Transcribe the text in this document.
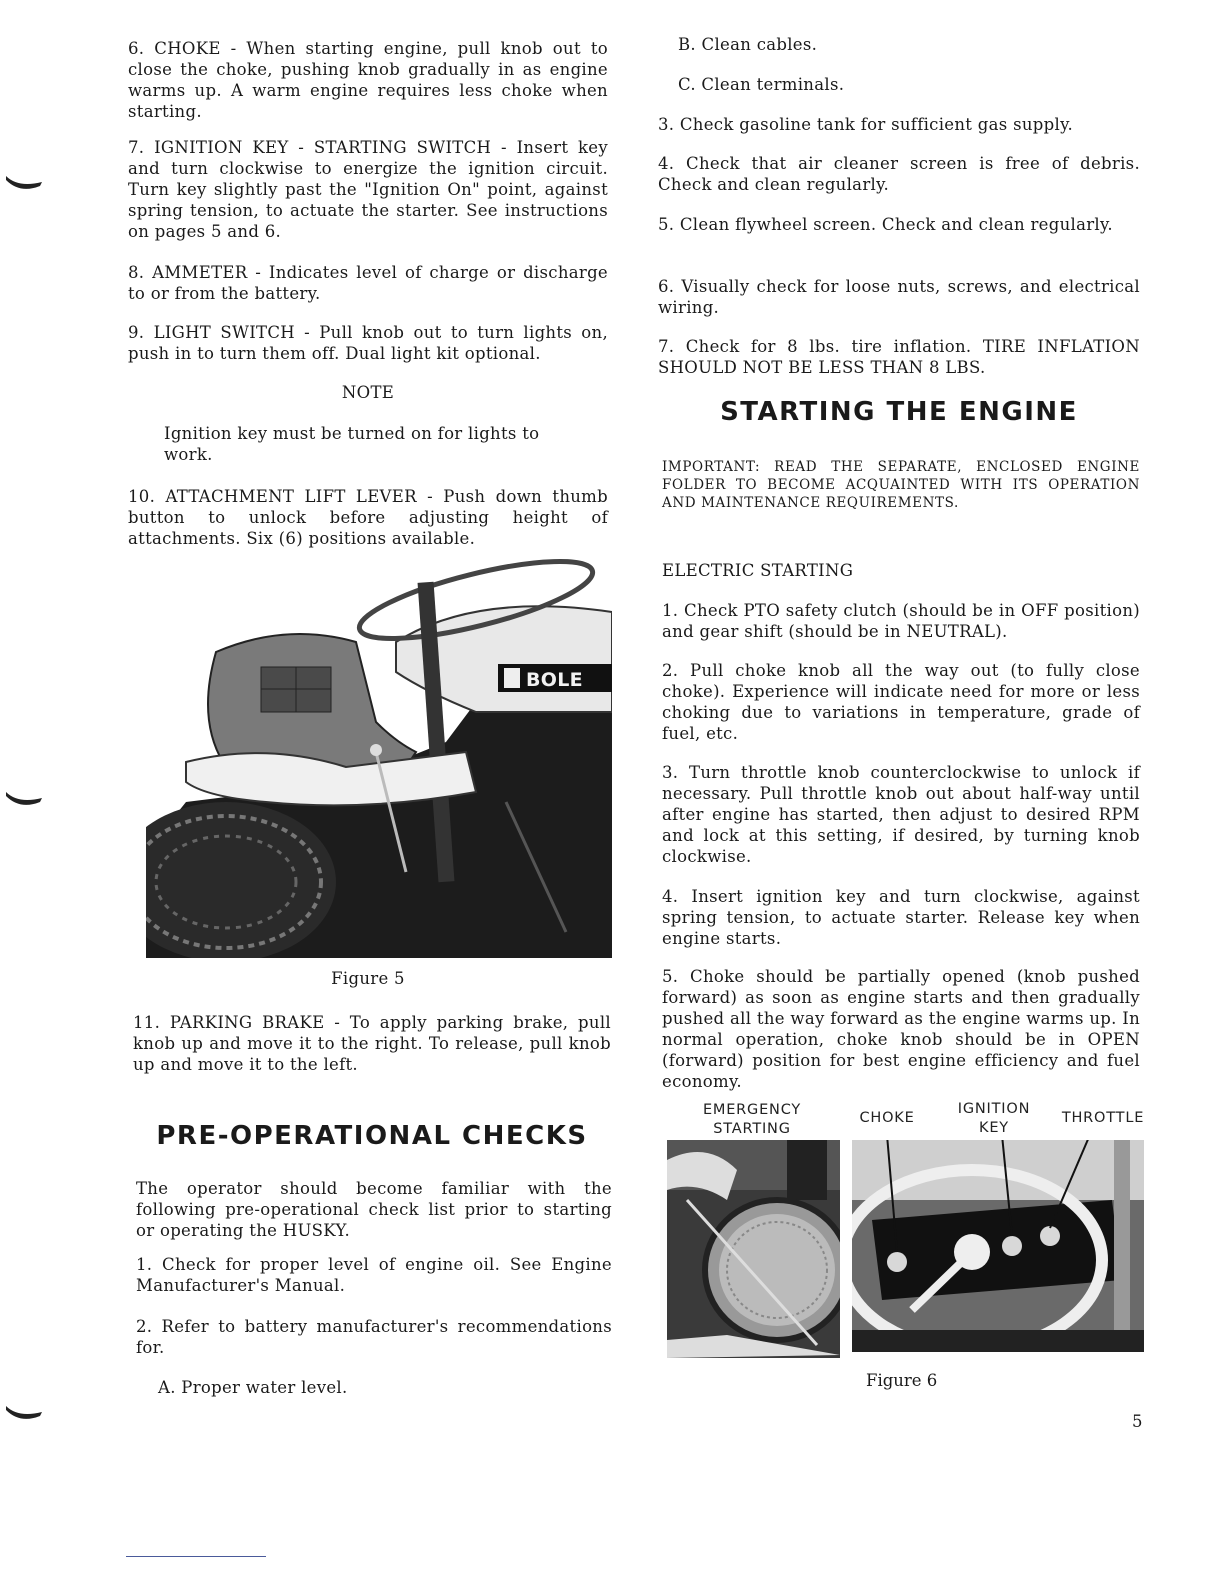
6. CHOKE - When starting engine, pull knob out to close the choke, pushing knob gradually in as engine warms up. A warm engine requires less choke when starting.

7. IGNITION KEY - STARTING SWITCH - Insert key and turn clockwise to energize the ignition circuit. Turn key slightly past the "Ignition On" point, against spring tension, to actuate the starter. See instructions on pages 5 and 6.

8. AMMETER - Indicates level of charge or discharge to or from the battery.

9. LIGHT SWITCH - Pull knob out to turn lights on, push in to turn them off. Dual light kit optional.

NOTE

Ignition key must be turned on for lights to work.

10. ATTACHMENT LIFT LEVER - Push down thumb button to unlock before adjusting height of attachments. Six (6) positions available.

BOLE

Figure 5

11. PARKING BRAKE - To apply parking brake, pull knob up and move it to the right. To release, pull knob up and move it to the left.

PRE-OPERATIONAL CHECKS

The operator should become familiar with the following pre-operational check list prior to starting or operating the HUSKY.

1. Check for proper level of engine oil. See Engine Manufacturer's Manual.

2. Refer to battery manufacturer's recommendations for.

A. Proper water level.

B. Clean cables.

C. Clean terminals.

3. Check gasoline tank for sufficient gas supply.

4. Check that air cleaner screen is free of debris. Check and clean regularly.

5. Clean flywheel screen. Check and clean regularly.

6. Visually check for loose nuts, screws, and electrical wiring.

7. Check for 8 lbs. tire inflation. TIRE INFLATION SHOULD NOT BE LESS THAN 8 LBS.

STARTING THE ENGINE

IMPORTANT: READ THE SEPARATE, ENCLOSED ENGINE FOLDER TO BECOME ACQUAINTED WITH ITS OPERATION AND MAINTENANCE REQUIREMENTS.

ELECTRIC STARTING

1. Check PTO safety clutch (should be in OFF position) and gear shift (should be in NEUTRAL).

2. Pull choke knob all the way out (to fully close choke). Experience will indicate need for more or less choking due to variations in temperature, grade of fuel, etc.

3. Turn throttle knob counterclockwise to unlock if necessary. Pull throttle knob out about half-way until after engine has started, then adjust to desired RPM and lock at this setting, if desired, by turning knob clockwise.

4. Insert ignition key and turn clockwise, against spring tension, to actuate starter. Release key when engine starts.

5. Choke should be partially opened (knob pushed forward) as soon as engine starts and then gradually pushed all the way forward as the engine warms up. In normal operation, choke knob should be in OPEN (forward) position for best engine efficiency and fuel economy.

EMERGENCY
STARTING
CHOKE
IGNITION
KEY
THROTTLE
Figure 6
5
